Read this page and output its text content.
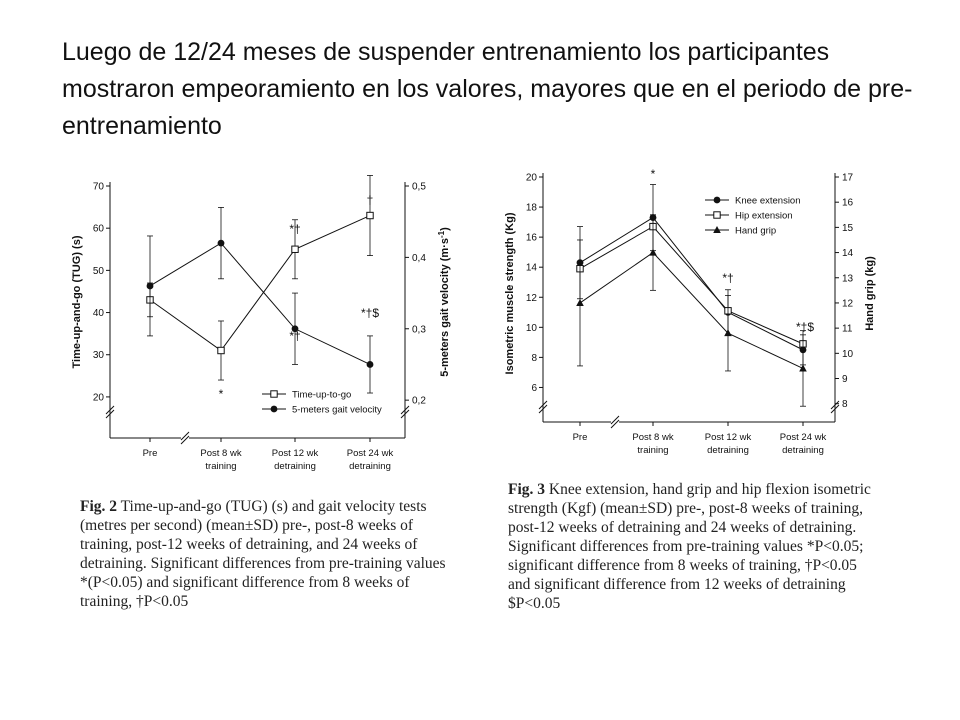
Luego de 12/24 meses de suspender entrenamiento los participantes mostraron empeoramiento en los valores, mayores que en el periodo de pre-entrenamiento
20
30
40
50
60
70
0,2
0,3
0,4
0,5
Pre	Post 8 wk training
Post 12 wk detraining
Post 24 wk detraining
Time-up-and-go (TUG) (s)	5-meters gait velocity $(m\cdot s^{-1})$
Time-up-to-go
5-meters gait velocity
*
*†
*†
†
*†$

Fig. 2 Time-up-and-go (TUG) (s) and gait velocity tests (metres per second) (mean±SD) pre-, post-8 weeks of training, post-12 weeks of detraining, and 24 weeks of detraining. Significant differences from pre-training values *(P<0.05) and significant difference from 8 weeks of training, †P<0.05

6
8
10
12
14
16
18
20
8
9
10
11
12
13
14
15
16
17
Pre	Post 8 wk training
Post 12 wk detraining
Post 24 wk detraining
Isometric muscle strength (Kg)	Hand grip (kg)
Knee extension
Hip extension
Hand grip
*
*†
*†$

Fig. 3 Knee extension, hand grip and hip flexion isometric strength (Kgf) (mean±SD) pre-, post-8 weeks of training, post-12 weeks of detraining and 24 weeks of detraining. Significant differences from pre-training values *P<0.05; significant difference from 8 weeks of training, †P<0.05 and significant difference from 12 weeks of detraining $P<0.05
